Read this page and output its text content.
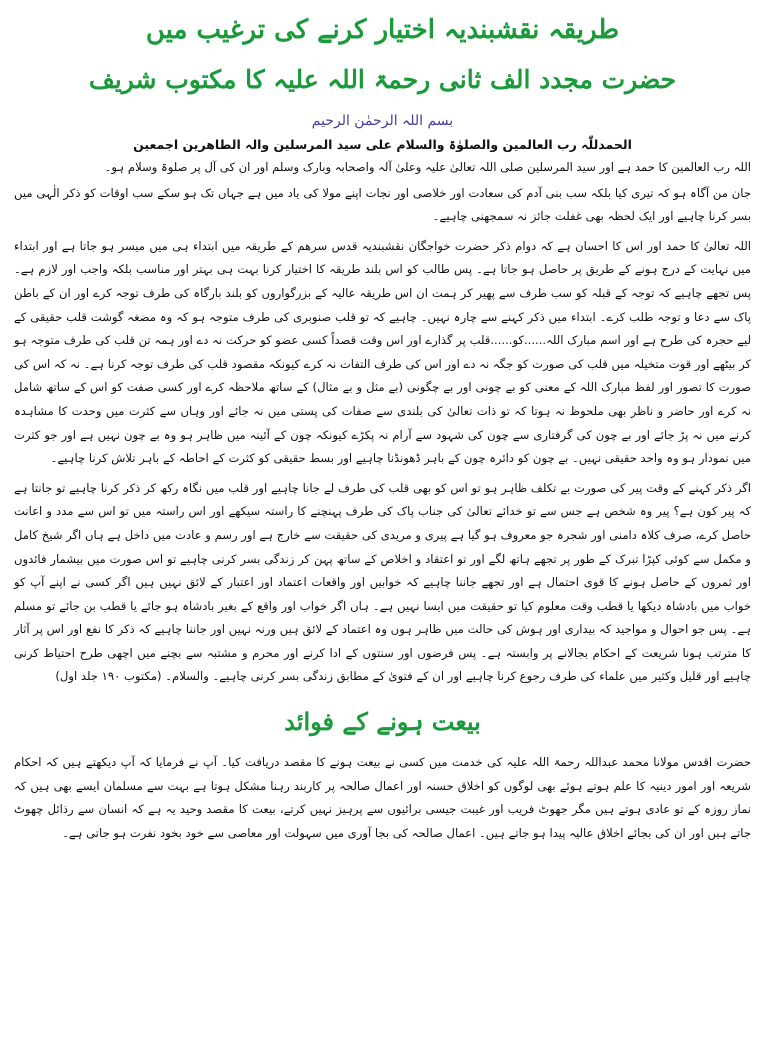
طریقہ نقشبندیہ اختیار کرنے کی ترغیب میں
حضرت مجدد الف ثانی رحمۃ اللہ علیہ کا مکتوب شریف
بسم اللہ الرحمٰن الرحیم
الحمدللّٰہ رب العالمین والصلوٰۃ والسلام علی سید المرسلین والہ الطاھرین اجمعین

اللہ رب العالمین کا حمد ہے اور سید المرسلین صلی اللہ تعالیٰ علیہ وعلیٰ آلہ واصحابہ وبارک وسلم اور ان کی آل پر صلوۃ وسلام ہو۔

جان من آگاہ ہو کہ تیری کیا بلکہ سب بنی آدم کی سعادت اور خلاصی اور نجات اپنے مولا کی یاد میں ہے جہاں تک ہو سکے سب اوقات کو ذکر الٰہی میں بسر کرنا چاہیے اور ایک لحظہ بھی غفلت جائز نہ سمجھنی چاہیے۔

اللہ تعالیٰ کا حمد اور اس کا احسان ہے کہ دوام ذکر حضرت خواجگان نقشبندیہ قدس سرھم کے طریقہ میں ابتداء ہی میں میسر ہو جاتا ہے اور ابتداء میں نہایت کے درج ہونے کے طریق پر حاصل ہو جاتا ہے۔ پس طالب کو اس بلند طریقہ کا اختیار کرنا بہت ہی بہتر اور مناسب بلکہ واجب اور لازم ہے۔ پس تجھے چاہیے کہ توجہ کے قبلہ کو سب طرف سے پھیر کر ہمت ان اس طریقہ عالیہ کے بزرگواروں کو بلند بارگاہ کی طرف توجہ کرے اور ان کے باطن پاک سے دعا و توجہ طلب کرے۔ ابتداء میں ذکر کہنے سے چارہ نہیں۔ چاہیے کہ تو قلب صنوبری کی طرف متوجہ ہو کہ وہ مضغہ گوشت قلب حقیقی کے لیے حجرہ کی طرح ہے اور اسم مبارک اللہ......کو......قلب پر گذارے اور اس وقت قصداً کسی عضو کو حرکت نہ دے اور ہمہ تن قلب کی طرف متوجہ ہو کر بیٹھے اور قوت متخیلہ میں قلب کی صورت کو جگہ نہ دے اور اس کی طرف التفات نہ کرے کیونکہ مقصود قلب کی طرف توجہ کرنا ہے۔ نہ کہ اس کی صورت کا تصور اور لفظ مبارک اللہ کے معنی کو بے چونی اور بے چگونی (بے مثل و بے مثال) کے ساتھ ملاحظہ کرے اور کسی صفت کو اس کے ساتھ شامل نہ کرے اور حاضر و ناظر بھی ملحوظ نہ ہوتا کہ تو ذات تعالیٰ کی بلندی سے صفات کی پستی میں نہ جائے اور وہاں سے کثرت میں وحدت کا مشاہدہ کرنے میں نہ پڑ جائے اور بے چون کی گرفتاری سے چون کی شہود سے آرام نہ پکڑے کیونکہ چون کے آئینہ میں ظاہر ہو وہ بے چون نہیں ہے اور جو کثرت میں نمودار ہو وہ واحد حقیقی نہیں۔ بے چون کو دائرہ چون کے باہر ڈھونڈنا چاہیے اور بسط حقیقی کو کثرت کے احاطہ کے باہر تلاش کرنا چاہیے۔

اگر ذکر کہنے کے وقت پیر کی صورت بے تکلف ظاہر ہو تو اس کو بھی قلب کی طرف لے جانا چاہیے اور قلب میں نگاہ رکھ کر ذکر کرنا چاہیے تو جانتا ہے کہ پیر کون ہے؟ پیر وہ شخص ہے جس سے تو خدائے تعالیٰ کی جناب پاک کی طرف پہنچنے کا راستہ سیکھے اور اس راستہ میں تو اس سے مدد و اعانت حاصل کرے، صرف کلاہ دامنی اور شجرہ جو معروف ہو گیا ہے پیری و مریدی کی حقیقت سے خارج ہے اور رسم و عادت میں داخل ہے ہاں اگر شیخ کامل و مکمل سے کوئی کپڑا تبرک کے طور پر تجھے ہاتھ لگے اور تو اعتقاد و اخلاص کے ساتھ پہن کر زندگی بسر کرنی چاہیے تو اس صورت میں بیشمار فائدوں اور ثمروں کے حاصل ہونے کا قوی احتمال ہے اور تجھے جاننا چاہیے کہ خوابیں اور واقعات اعتماد اور اعتبار کے لائق نہیں ہیں اگر کسی نے اپنے آپ کو خواب میں بادشاہ دیکھا یا قطب وقت معلوم کیا تو حقیقت میں ایسا نہیں ہے۔ ہاں اگر خواب اور واقع کے بغیر بادشاہ ہو جائے یا قطب بن جائے تو مسلم ہے۔ پس جو احوال و مواجید کہ بیداری اور ہوش کی حالت میں ظاہر ہوں وہ اعتماد کے لائق ہیں ورنہ نہیں اور جاننا چاہیے کہ ذکر کا نفع اور اس پر آثار کا مترتب ہونا شریعت کے احکام بجالانے پر وابستہ ہے۔ پس فرضوں اور سنتوں کے ادا کرنے اور محرم و مشتبہ سے بچنے میں اچھی طرح احتیاط کرنی چاہیے اور قلیل وکثیر میں علماء کی طرف رجوع کرنا چاہیے اور ان کے فتویٰ کے مطابق زندگی بسر کرنی چاہیے۔ والسلام۔ (مکتوب ۱۹۰ جلد اول)

بیعت ہونے کے فوائد

حضرت اقدس مولانا محمد عبداللہ رحمۃ اللہ علیہ کی خدمت میں کسی نے بیعت ہونے کا مقصد دریافت کیا۔ آپ نے فرمایا کہ آپ دیکھتے ہیں کہ احکام شریعہ اور امور دینیہ کا علم ہوتے ہوئے بھی لوگوں کو اخلاق حسنہ اور اعمال صالحہ پر کاربند رہنا مشکل ہوتا ہے بہت سے مسلمان ایسے بھی ہیں کہ نماز روزہ کے تو عادی ہوتے ہیں مگر جھوٹ فریب اور غیبت جیسی برائیوں سے پرہیز نہیں کرتے، بیعت کا مقصد وحید یہ ہے کہ انسان سے رذائل چھوٹ جاتے ہیں اور ان کی بجائے اخلاق عالیہ پیدا ہو جاتے ہیں۔ اعمال صالحہ کی بجا آوری میں سہولت اور معاصی سے خود بخود نفرت ہو جاتی ہے۔
